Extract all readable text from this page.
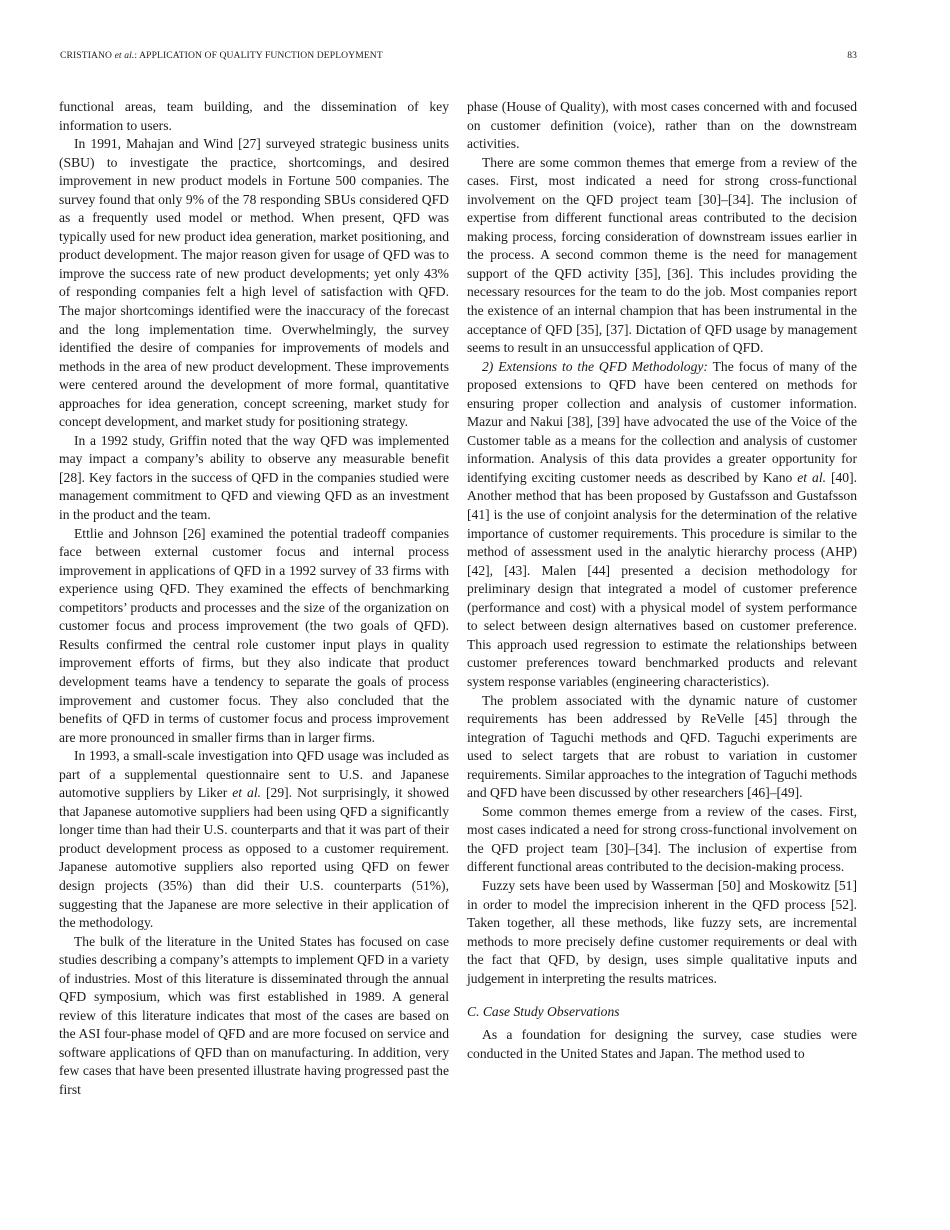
CRISTIANO et al.: APPLICATION OF QUALITY FUNCTION DEPLOYMENT	83

functional areas, team building, and the dissemination of key information to users.

In 1991, Mahajan and Wind [27] surveyed strategic business units (SBU) to investigate the practice, shortcomings, and desired improvement in new product models in Fortune 500 companies. The survey found that only 9% of the 78 responding SBUs considered QFD as a frequently used model or method. When present, QFD was typically used for new product idea generation, market positioning, and product development. The major reason given for usage of QFD was to improve the success rate of new product developments; yet only 43% of responding companies felt a high level of satisfaction with QFD. The major shortcomings identified were the inaccuracy of the forecast and the long implementation time. Overwhelmingly, the survey identified the desire of companies for improvements of models and methods in the area of new product development. These improvements were centered around the development of more formal, quantitative approaches for idea generation, concept screening, market study for concept development, and market study for positioning strategy.

In a 1992 study, Griffin noted that the way QFD was implemented may impact a company’s ability to observe any measurable benefit [28]. Key factors in the success of QFD in the companies studied were management commitment to QFD and viewing QFD as an investment in the product and the team.

Ettlie and Johnson [26] examined the potential tradeoff companies face between external customer focus and internal process improvement in applications of QFD in a 1992 survey of 33 firms with experience using QFD. They examined the effects of benchmarking competitors’ products and processes and the size of the organization on customer focus and process improvement (the two goals of QFD). Results confirmed the central role customer input plays in quality improvement efforts of firms, but they also indicate that product development teams have a tendency to separate the goals of process improvement and customer focus. They also concluded that the benefits of QFD in terms of customer focus and process improvement are more pronounced in smaller firms than in larger firms.

In 1993, a small-scale investigation into QFD usage was included as part of a supplemental questionnaire sent to U.S. and Japanese automotive suppliers by Liker et al. [29]. Not surprisingly, it showed that Japanese automotive suppliers had been using QFD a significantly longer time than had their U.S. counterparts and that it was part of their product development process as opposed to a customer requirement. Japanese automotive suppliers also reported using QFD on fewer design projects (35%) than did their U.S. counterparts (51%), suggesting that the Japanese are more selective in their application of the methodology.

The bulk of the literature in the United States has focused on case studies describing a company’s attempts to implement QFD in a variety of industries. Most of this literature is disseminated through the annual QFD symposium, which was first established in 1989. A general review of this literature indicates that most of the cases are based on the ASI four-phase model of QFD and are more focused on service and software applications of QFD than on manufacturing. In addition, very few cases that have been presented illustrate having progressed past the first

phase (House of Quality), with most cases concerned with and focused on customer definition (voice), rather than on the downstream activities.

There are some common themes that emerge from a review of the cases. First, most indicated a need for strong cross-functional involvement on the QFD project team [30]–[34]. The inclusion of expertise from different functional areas contributed to the decision making process, forcing consideration of downstream issues earlier in the process. A second common theme is the need for management support of the QFD activity [35], [36]. This includes providing the necessary resources for the team to do the job. Most companies report the existence of an internal champion that has been instrumental in the acceptance of QFD [35], [37]. Dictation of QFD usage by management seems to result in an unsuccessful application of QFD.

2) Extensions to the QFD Methodology: The focus of many of the proposed extensions to QFD have been centered on methods for ensuring proper collection and analysis of customer information. Mazur and Nakui [38], [39] have advocated the use of the Voice of the Customer table as a means for the collection and analysis of customer information. Analysis of this data provides a greater opportunity for identifying exciting customer needs as described by Kano et al. [40]. Another method that has been proposed by Gustafsson and Gustafsson [41] is the use of conjoint analysis for the determination of the relative importance of customer requirements. This procedure is similar to the method of assessment used in the analytic hierarchy process (AHP) [42], [43]. Malen [44] presented a decision methodology for preliminary design that integrated a model of customer preference (performance and cost) with a physical model of system performance to select between design alternatives based on customer preference. This approach used regression to estimate the relationships between customer preferences toward benchmarked products and relevant system response variables (engineering characteristics).

The problem associated with the dynamic nature of customer requirements has been addressed by ReVelle [45] through the integration of Taguchi methods and QFD. Taguchi experiments are used to select targets that are robust to variation in customer requirements. Similar approaches to the integration of Taguchi methods and QFD have been discussed by other researchers [46]–[49].

Some common themes emerge from a review of the cases. First, most cases indicated a need for strong cross-functional involvement on the QFD project team [30]–[34]. The inclusion of expertise from different functional areas contributed to the decision-making process.

Fuzzy sets have been used by Wasserman [50] and Moskowitz [51] in order to model the imprecision inherent in the QFD process [52]. Taken together, all these methods, like fuzzy sets, are incremental methods to more precisely define customer requirements or deal with the fact that QFD, by design, uses simple qualitative inputs and judgement in interpreting the results matrices.

C. Case Study Observations

As a foundation for designing the survey, case studies were conducted in the United States and Japan. The method used to
